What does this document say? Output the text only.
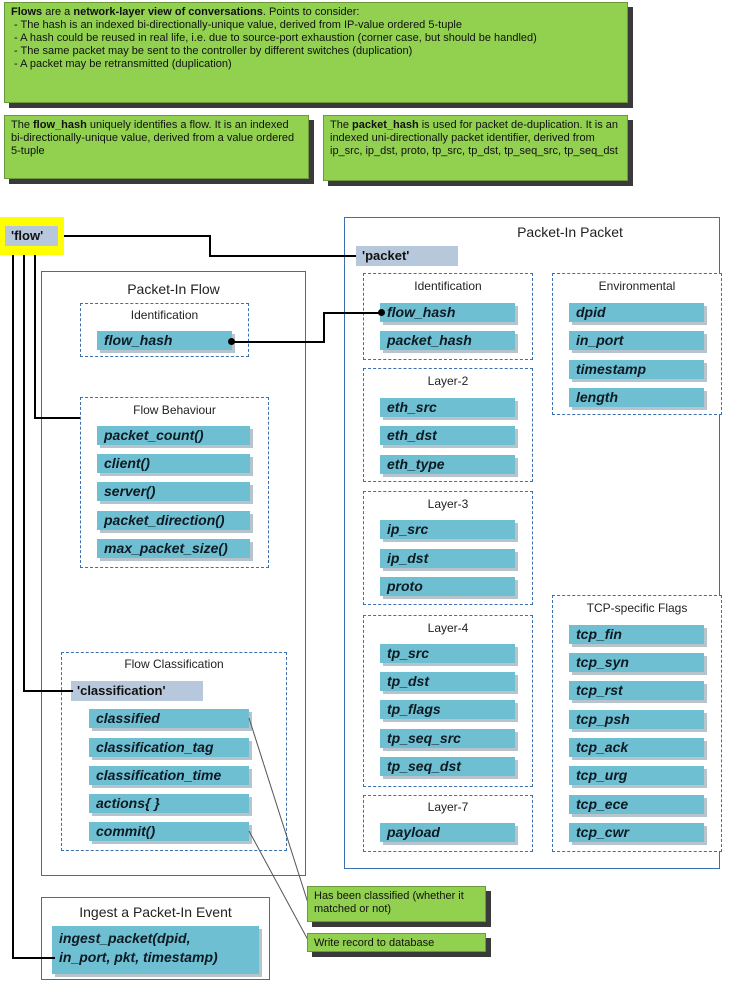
Flows are a network-layer view of conversations. Points to consider:
- The hash is an indexed bi-directionally-unique value, derived from IP-value ordered 5-tuple
- A hash could be reused in real life, i.e. due to source-port exhaustion (corner case, but should be handled)
- The same packet may be sent to the controller by different switches (duplication)
- A packet may be retransmitted (duplication)
The flow_hash uniquely identifies a flow. It is an indexed bi-directionally-unique value, derived from a value ordered 5-tuple
The packet_hash is used for packet de-duplication. It is an indexed uni-directionally packet identifier, derived from ip_src, ip_dst, proto, tp_src, tp_dst, tp_seq_src, tp_seq_dst
Packet-In Flow
Packet-In Packet
Identification
flow_hash
Flow Behaviour
packet_count()
client()
server()
packet_direction()
max_packet_size()
Flow Classification
'classification'
classified
classification_tag
classification_time
actions{ }
commit()
Identification
flow_hash
packet_hash
Layer-2
eth_src
eth_dst
eth_type
Layer-3
ip_src
ip_dst
proto
Layer-4
tp_src
tp_dst
tp_flags
tp_seq_src
tp_seq_dst
Layer-7
payload
Environmental
dpid
in_port
timestamp
length
TCP-specific Flags
tcp_fin
tcp_syn
tcp_rst
tcp_psh
tcp_ack
tcp_urg
tcp_ece
tcp_cwr
Ingest a Packet-In Event
ingest_packet(dpid,
in_port, pkt, timestamp)
'flow'
'packet'
Has been classified (whether it matched or not)
Write record to database
